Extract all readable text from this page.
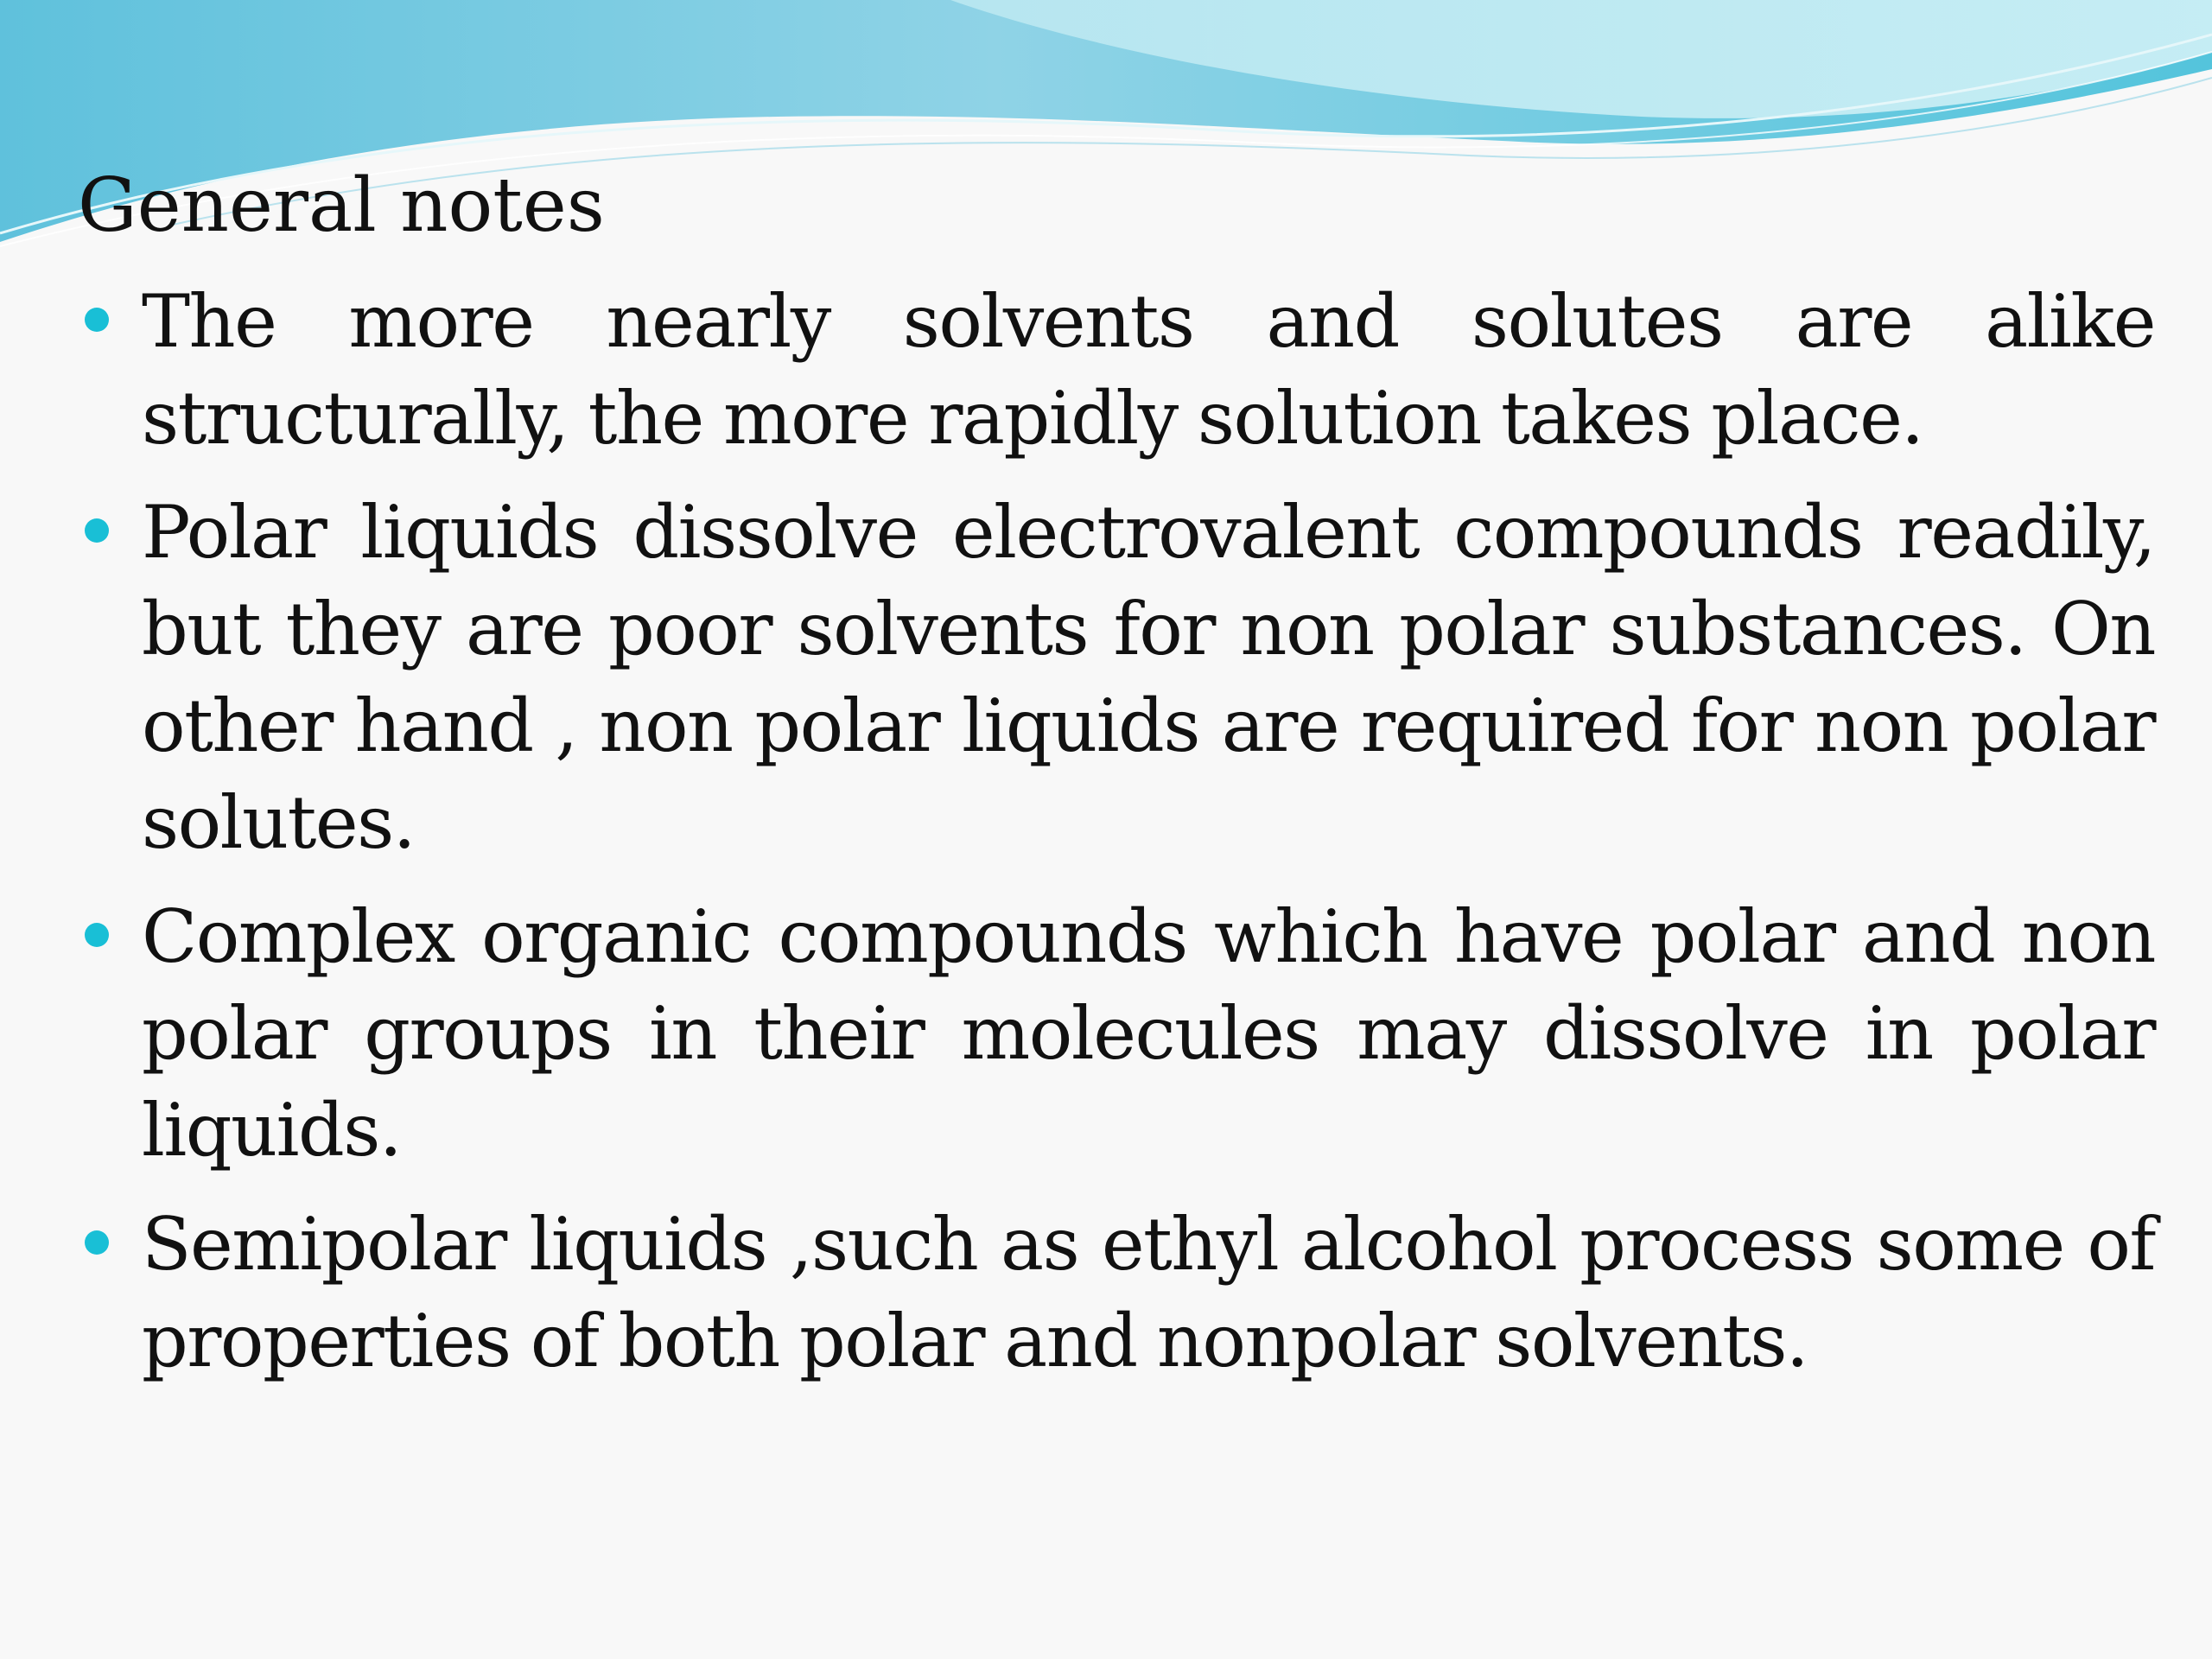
General notes
The more nearly solvents and solutes are alike structurally, the more rapidly solution takes place.
Polar liquids dissolve electrovalent compounds readily, but they are poor solvents for non polar substances. On other hand , non polar liquids are required for non polar solutes.
Complex organic compounds which have polar and non polar groups in their molecules may dissolve in polar liquids.
Semipolar liquids ,such as ethyl alcohol process some of properties of both polar and nonpolar solvents.
